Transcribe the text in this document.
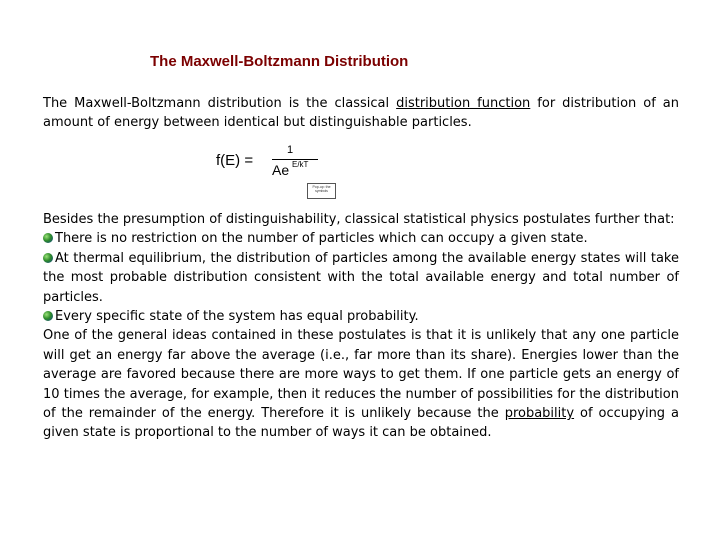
The Maxwell-Boltzmann Distribution
The Maxwell-Boltzmann distribution is the classical distribution function for distribution of an amount of energy between identical but distinguishable particles.
f(E) =
1
Ae E/kT
Pop-up: the symbols
Besides the presumption of distinguishability, classical statistical physics postulates further that:
There is no restriction on the number of particles which can occupy a given state.
At thermal equilibrium, the distribution of particles among the available energy states will take the most probable distribution consistent with the total available energy and total number of particles.
Every specific state of the system has equal probability.
One of the general ideas contained in these postulates is that it is unlikely that any one particle will get an energy far above the average (i.e., far more than its share). Energies lower than the average are favored because there are more ways to get them. If one particle gets an energy of 10 times the average, for example, then it reduces the number of possibilities for the distribution of the remainder of the energy. Therefore it is unlikely because the probability of occupying a given state is proportional to the number of ways it can be obtained.
